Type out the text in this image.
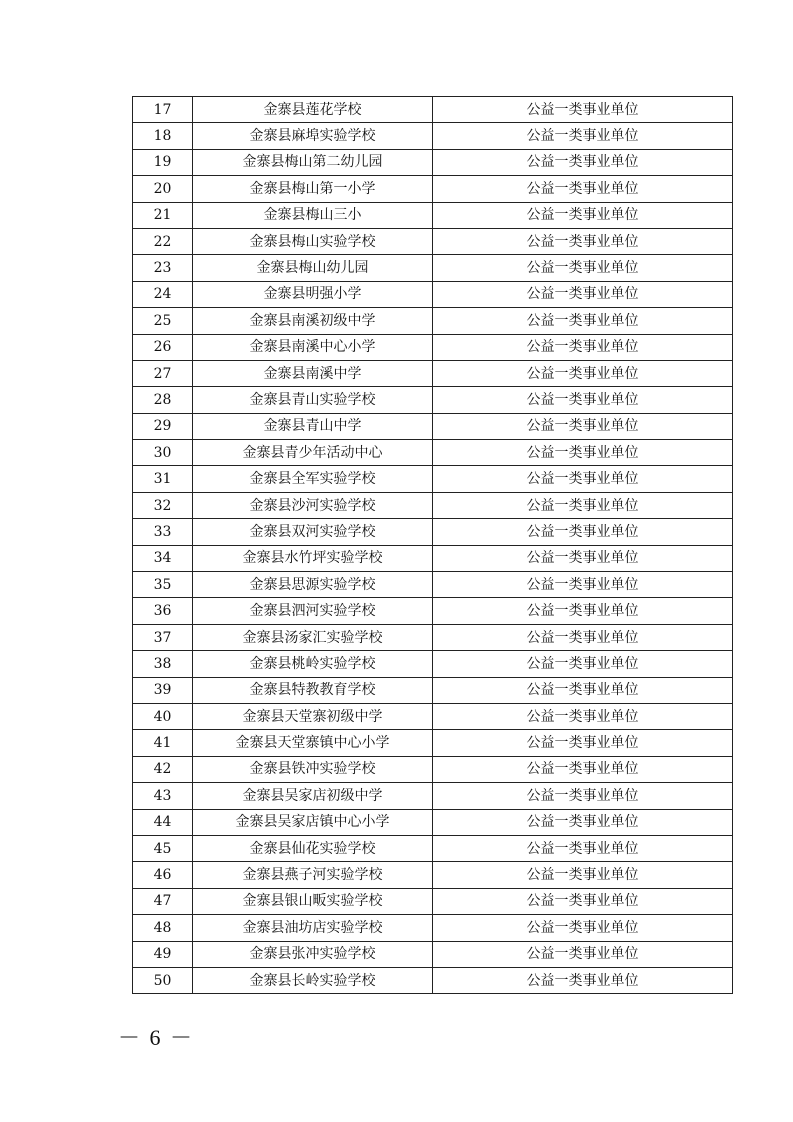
17	金寨县莲花学校	公益一类事业单位
18	金寨县麻埠实验学校	公益一类事业单位
19	金寨县梅山第二幼儿园	公益一类事业单位
20	金寨县梅山第一小学	公益一类事业单位
21	金寨县梅山三小	公益一类事业单位
22	金寨县梅山实验学校	公益一类事业单位
23	金寨县梅山幼儿园	公益一类事业单位
24	金寨县明强小学	公益一类事业单位
25	金寨县南溪初级中学	公益一类事业单位
26	金寨县南溪中心小学	公益一类事业单位
27	金寨县南溪中学	公益一类事业单位
28	金寨县青山实验学校	公益一类事业单位
29	金寨县青山中学	公益一类事业单位
30	金寨县青少年活动中心	公益一类事业单位
31	金寨县全军实验学校	公益一类事业单位
32	金寨县沙河实验学校	公益一类事业单位
33	金寨县双河实验学校	公益一类事业单位
34	金寨县水竹坪实验学校	公益一类事业单位
35	金寨县思源实验学校	公益一类事业单位
36	金寨县泗河实验学校	公益一类事业单位
37	金寨县汤家汇实验学校	公益一类事业单位
38	金寨县桃岭实验学校	公益一类事业单位
39	金寨县特教教育学校	公益一类事业单位
40	金寨县天堂寨初级中学	公益一类事业单位
41	金寨县天堂寨镇中心小学	公益一类事业单位
42	金寨县铁冲实验学校	公益一类事业单位
43	金寨县吴家店初级中学	公益一类事业单位
44	金寨县吴家店镇中心小学	公益一类事业单位
45	金寨县仙花实验学校	公益一类事业单位
46	金寨县燕子河实验学校	公益一类事业单位
47	金寨县银山畈实验学校	公益一类事业单位
48	金寨县油坊店实验学校	公益一类事业单位
49	金寨县张冲实验学校	公益一类事业单位
50	金寨县长岭实验学校	公益一类事业单位
－ 6 －
